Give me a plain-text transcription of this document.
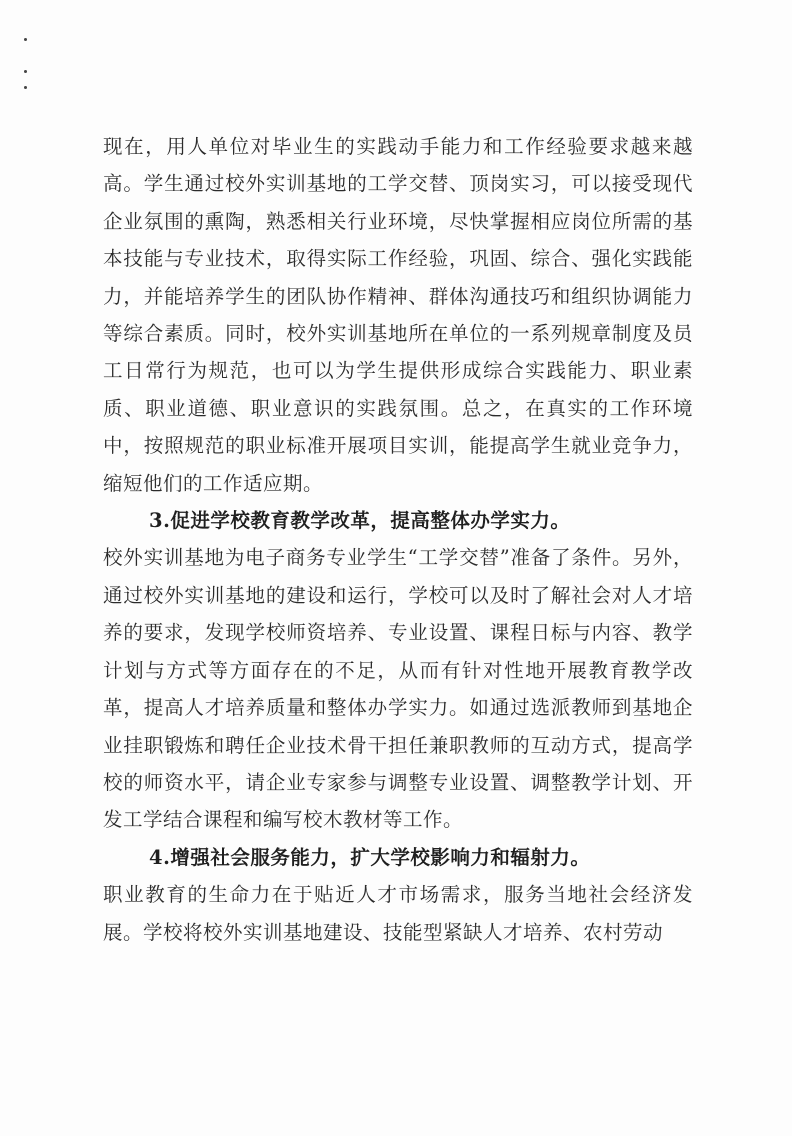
现在，用人单位对毕业生的实践动手能力和工作经验要求越来越高。学生通过校外实训基地的工学交替、顶岗实习，可以接受现代企业氛围的熏陶，熟悉相关行业环境，尽快掌握相应岗位所需的基本技能与专业技术，取得实际工作经验，巩固、综合、强化实践能力，并能培养学生的团队协作精神、群体沟通技巧和组织协调能力等综合素质。同时，校外实训基地所在单位的一系列规章制度及员工日常行为规范，也可以为学生提供形成综合实践能力、职业素质、职业道德、职业意识的实践氛围。总之，在真实的工作环境中，按照规范的职业标准开展项目实训，能提高学生就业竞争力，缩短他们的工作适应期。

3.促进学校教育教学改革，提高整体办学实力。

校外实训基地为电子商务专业学生“工学交替”准备了条件。另外，通过校外实训基地的建设和运行，学校可以及时了解社会对人才培养的要求，发现学校师资培养、专业设置、课程日标与内容、教学计划与方式等方面存在的不足，从而有针对性地开展教育教学改革，提高人才培养质量和整体办学实力。如通过选派教师到基地企业挂职锻炼和聘任企业技术骨干担任兼职教师的互动方式，提高学校的师资水平，请企业专家参与调整专业设置、调整教学计划、开发工学结合课程和编写校木教材等工作。

4.增强社会服务能力，扩大学校影响力和辐射力。

职业教育的生命力在于贴近人才市场需求，服务当地社会经济发展。学校将校外实训基地建设、技能型紧缺人才培养、农村劳动
